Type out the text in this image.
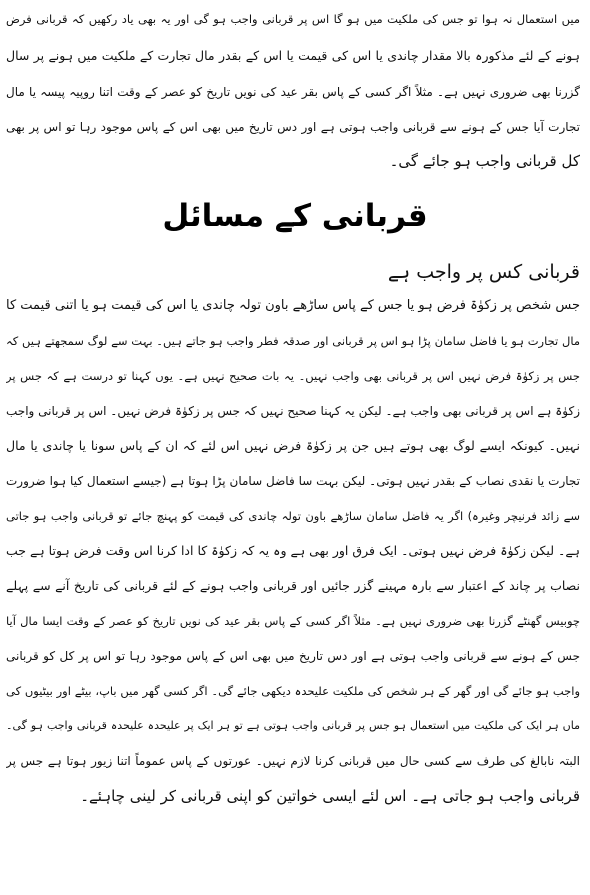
میں استعمال نہ ہوا تو جس کی ملکیت میں ہو گا اس پر قربانی واجب ہو گی اور یہ بھی یاد رکھیں کہ قربانی فرض
ہونے کے لئے مذکورہ بالا مقدار چاندی یا اس کی قیمت یا اس کے بقدر مال تجارت کے ملکیت میں ہونے پر سال
گزرنا بھی ضروری نہیں ہے۔ مثلاً اگر کسی کے پاس بقر عید کی نویں تاریخ کو عصر کے وقت اتنا روپیہ پیسہ یا مال
تجارت آیا جس کے ہونے سے قربانی واجب ہوتی ہے اور دس تاریخ میں بھی اس کے پاس موجود رہا تو اس پر بھی
کل قربانی واجب ہو جائے گی۔
قربانی کے مسائل
قربانی کس پر واجب ہے
جس شخص پر زکوٰۃ فرض ہو یا جس کے پاس ساڑھے باون تولہ چاندی یا اس کی قیمت ہو یا اتنی قیمت کا
مال تجارت ہو یا فاضل سامان پڑا ہو اس پر قربانی اور صدقہ فطر واجب ہو جاتے ہیں۔ بہت سے لوگ سمجھتے ہیں کہ
جس پر زکوٰۃ فرض نہیں اس پر قربانی بھی واجب نہیں۔ یہ بات صحیح نہیں ہے۔ یوں کہنا تو درست ہے کہ جس پر
زکوٰۃ ہے اس پر قربانی بھی واجب ہے۔ لیکن یہ کہنا صحیح نہیں کہ جس پر زکوٰۃ فرض نہیں۔ اس پر قربانی واجب
نہیں۔ کیونکہ ایسے لوگ بھی ہوتے ہیں جن پر زکوٰۃ فرض نہیں اس لئے کہ ان کے پاس سونا یا چاندی یا مال
تجارت یا نقدی نصاب کے بقدر نہیں ہوتی۔ لیکن بہت سا فاضل سامان پڑا ہوتا ہے (جیسے استعمال کیا ہوا ضرورت
سے زائد فرنیچر وغیرہ) اگر یہ فاضل سامان ساڑھے باون تولہ چاندی کی قیمت کو پہنچ جائے تو قربانی واجب ہو جاتی
ہے۔ لیکن زکوٰۃ فرض نہیں ہوتی۔ ایک فرق اور بھی ہے وہ یہ کہ زکوٰۃ کا ادا کرنا اس وقت فرض ہوتا ہے جب
نصاب پر چاند کے اعتبار سے بارہ مہینے گزر جائیں اور قربانی واجب ہونے کے لئے قربانی کی تاریخ آنے سے پہلے
چوبیس گھنٹے گزرنا بھی ضروری نہیں ہے۔ مثلاً اگر کسی کے پاس بقر عید کی نویں تاریخ کو عصر کے وقت ایسا مال آیا
جس کے ہونے سے قربانی واجب ہوتی ہے اور دس تاریخ میں بھی اس کے پاس موجود رہا تو اس پر کل کو قربانی
واجب ہو جائے گی اور گھر کے ہر شخص کی ملکیت علیحدہ دیکھی جائے گی۔ اگر کسی گھر میں باپ، بیٹے اور بیٹیوں کی
ماں ہر ایک کی ملکیت میں استعمال ہو جس پر قربانی واجب ہوتی ہے تو ہر ایک پر علیحدہ علیحدہ قربانی واجب ہو گی۔
البتہ نابالغ کی طرف سے کسی حال میں قربانی کرنا لازم نہیں۔ عورتوں کے پاس عموماً اتنا زیور ہوتا ہے جس پر
قربانی واجب ہو جاتی ہے۔ اس لئے ایسی خواتین کو اپنی قربانی کر لینی چاہئے۔
